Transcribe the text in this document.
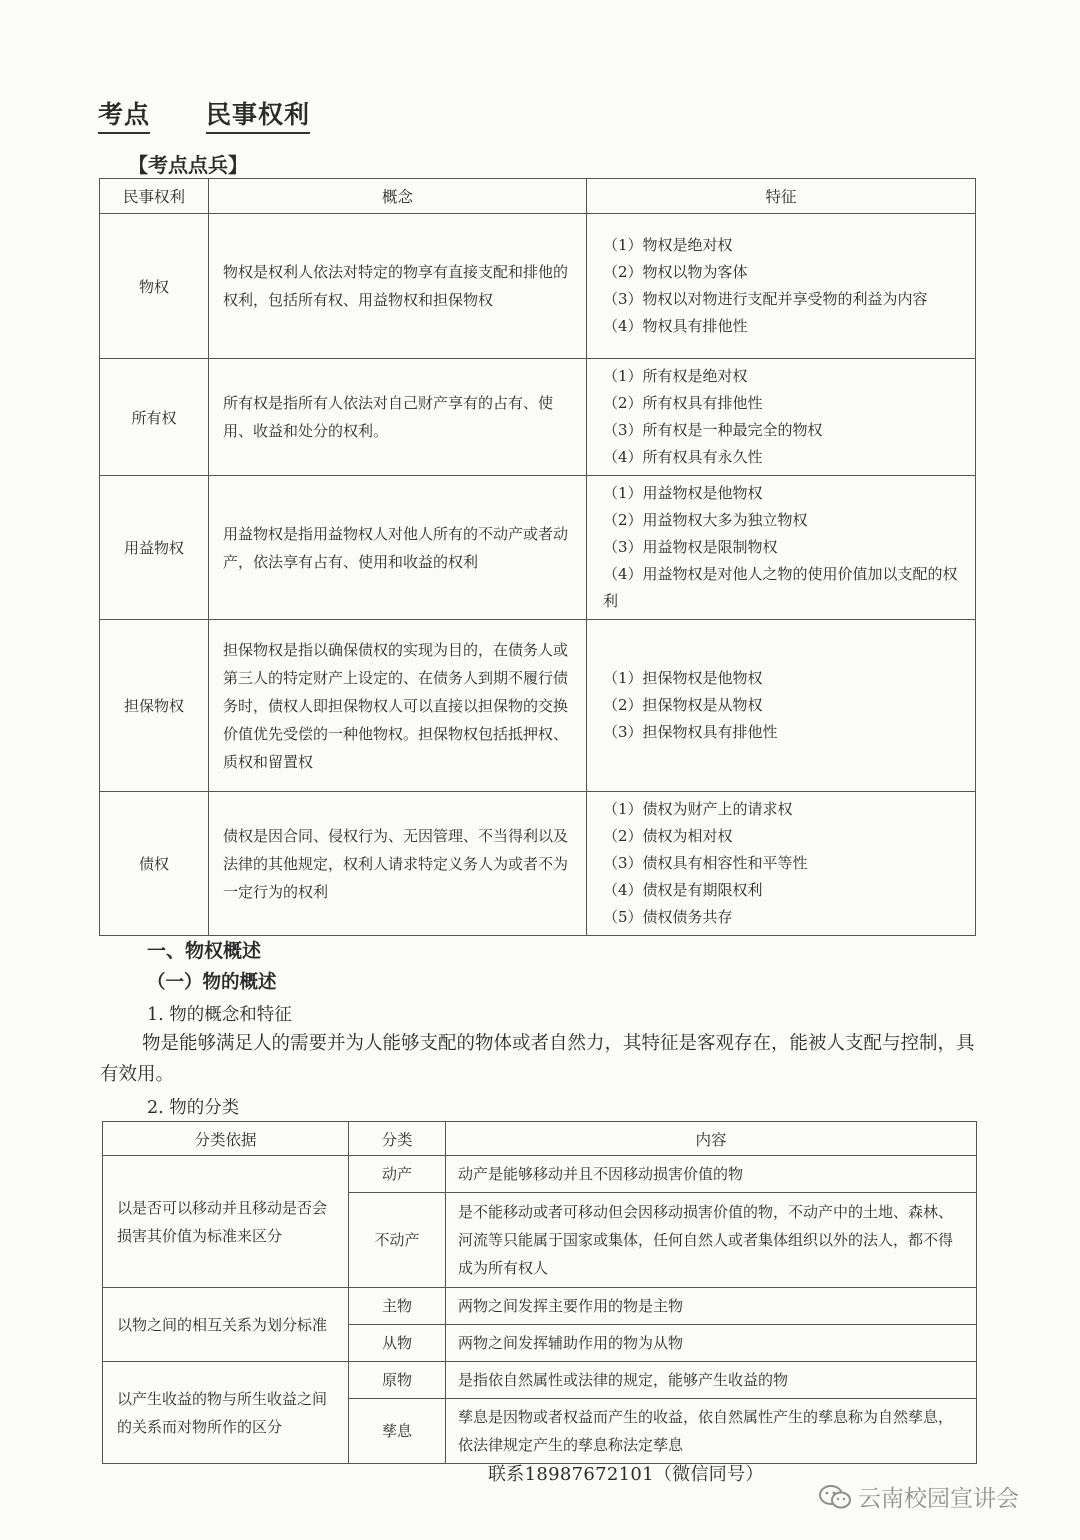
考点 民事权利
【考点点兵】
民事权利	概念	特征
物权	物权是权利人依法对特定的物享有直接支配和排他的权利，包括所有权、用益物权和担保物权	（1）物权是绝对权
（2）物权以物为客体
（3）物权以对物进行支配并享受物的利益为内容
（4）物权具有排他性

所有权	所有权是指所有人依法对自己财产享有的占有、使用、收益和处分的权利。	（1）所有权是绝对权
（2）所有权具有排他性
（3）所有权是一种最完全的物权
（4）所有权具有永久性

用益物权	用益物权是指用益物权人对他人所有的不动产或者动产，依法享有占有、使用和收益的权利	（1）用益物权是他物权
（2）用益物权大多为独立物权
（3）用益物权是限制物权
（4）用益物权是对他人之物的使用价值加以支配的权利

担保物权	担保物权是指以确保债权的实现为目的，在债务人或第三人的特定财产上设定的、在债务人到期不履行债务时，债权人即担保物权人可以直接以担保物的交换价值优先受偿的一种他物权。担保物权包括抵押权、质权和留置权	（1）担保物权是他物权
（2）担保物权是从物权
（3）担保物权具有排他性

债权	债权是因合同、侵权行为、无因管理、不当得利以及法律的其他规定，权利人请求特定义务人为或者不为一定行为的权利	（1）债权为财产上的请求权
（2）债权为相对权
（3）债权具有相容性和平等性
（4）债权是有期限权利
（5）债权债务共存
一、物权概述
（一）物的概述
1. 物的概念和特征
物是能够满足人的需要并为人能够支配的物体或者自然力，其特征是客观存在，能被人支配与控制，具有效用。
2. 物的分类
分类依据	分类	内容
以是否可以移动并且移动是否会损害其价值为标准来区分	动产	动产是能够移动并且不因移动损害价值的物
	不动产	是不能移动或者可移动但会因移动损害价值的物，不动产中的土地、森林、河流等只能属于国家或集体，任何自然人或者集体组织以外的法人，都不得成为所有权人
以物之间的相互关系为划分标准	主物	两物之间发挥主要作用的物是主物
	从物	两物之间发挥辅助作用的物为从物
以产生收益的物与所生收益之间的关系而对物所作的区分	原物	是指依自然属性或法律的规定，能够产生收益的物
	孳息	孳息是因物或者权益而产生的收益，依自然属性产生的孳息称为自然孳息，依法律规定产生的孳息称法定孳息
联系18987672101（微信同号）
云南校园宣讲会
